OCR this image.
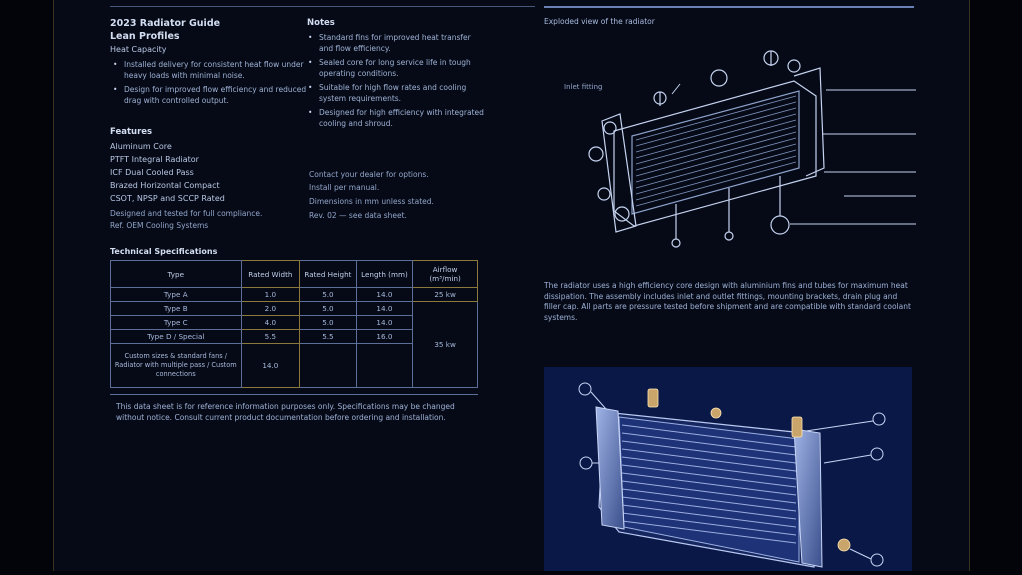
2023 Radiator Guide
Lean Profiles
Heat Capacity
• Installed delivery for consistent heat flow under heavy loads with minimal noise.
• Design for improved flow efficiency and reduced drag with controlled output.
Features
Aluminum Core
PTFT Integral Radiator
ICF Dual Cooled Pass
Brazed Horizontal Compact
CSOT, NPSP and SCCP Rated
Designed and tested for full compliance.
Ref. OEM Cooling Systems
Technical Specifications
Type	Rated Width	Rated Height	Length (mm)	Airflow (m³/min)
Type A	1.0	5.0	14.0	25 kw
Type B	2.0	5.0	14.0	35 kw
Type C	4.0	5.0	14.0	
Type D / Special	5.5	5.5	16.0	
Custom sizes & standard fans / Radiator with multiple pass / Custom connections	14.0			
This data sheet is for reference information purposes only. Specifications may be changed without notice. Consult current product documentation before ordering and installation.
Notes
• Standard fins for improved heat transfer and flow efficiency.
• Sealed core for long service life in tough operating conditions.
• Suitable for high flow rates and cooling system requirements.
• Designed for high efficiency with integrated cooling and shroud.
Contact your dealer for options.
Install per manual.
Dimensions in mm unless stated.
Rev. 02 — see data sheet.
Exploded view of the radiator
Inlet fitting
The radiator uses a high efficiency core design with aluminium fins and tubes for maximum heat dissipation. The assembly includes inlet and outlet fittings, mounting brackets, drain plug and filler cap. All parts are pressure tested before shipment and are compatible with standard coolant systems.
